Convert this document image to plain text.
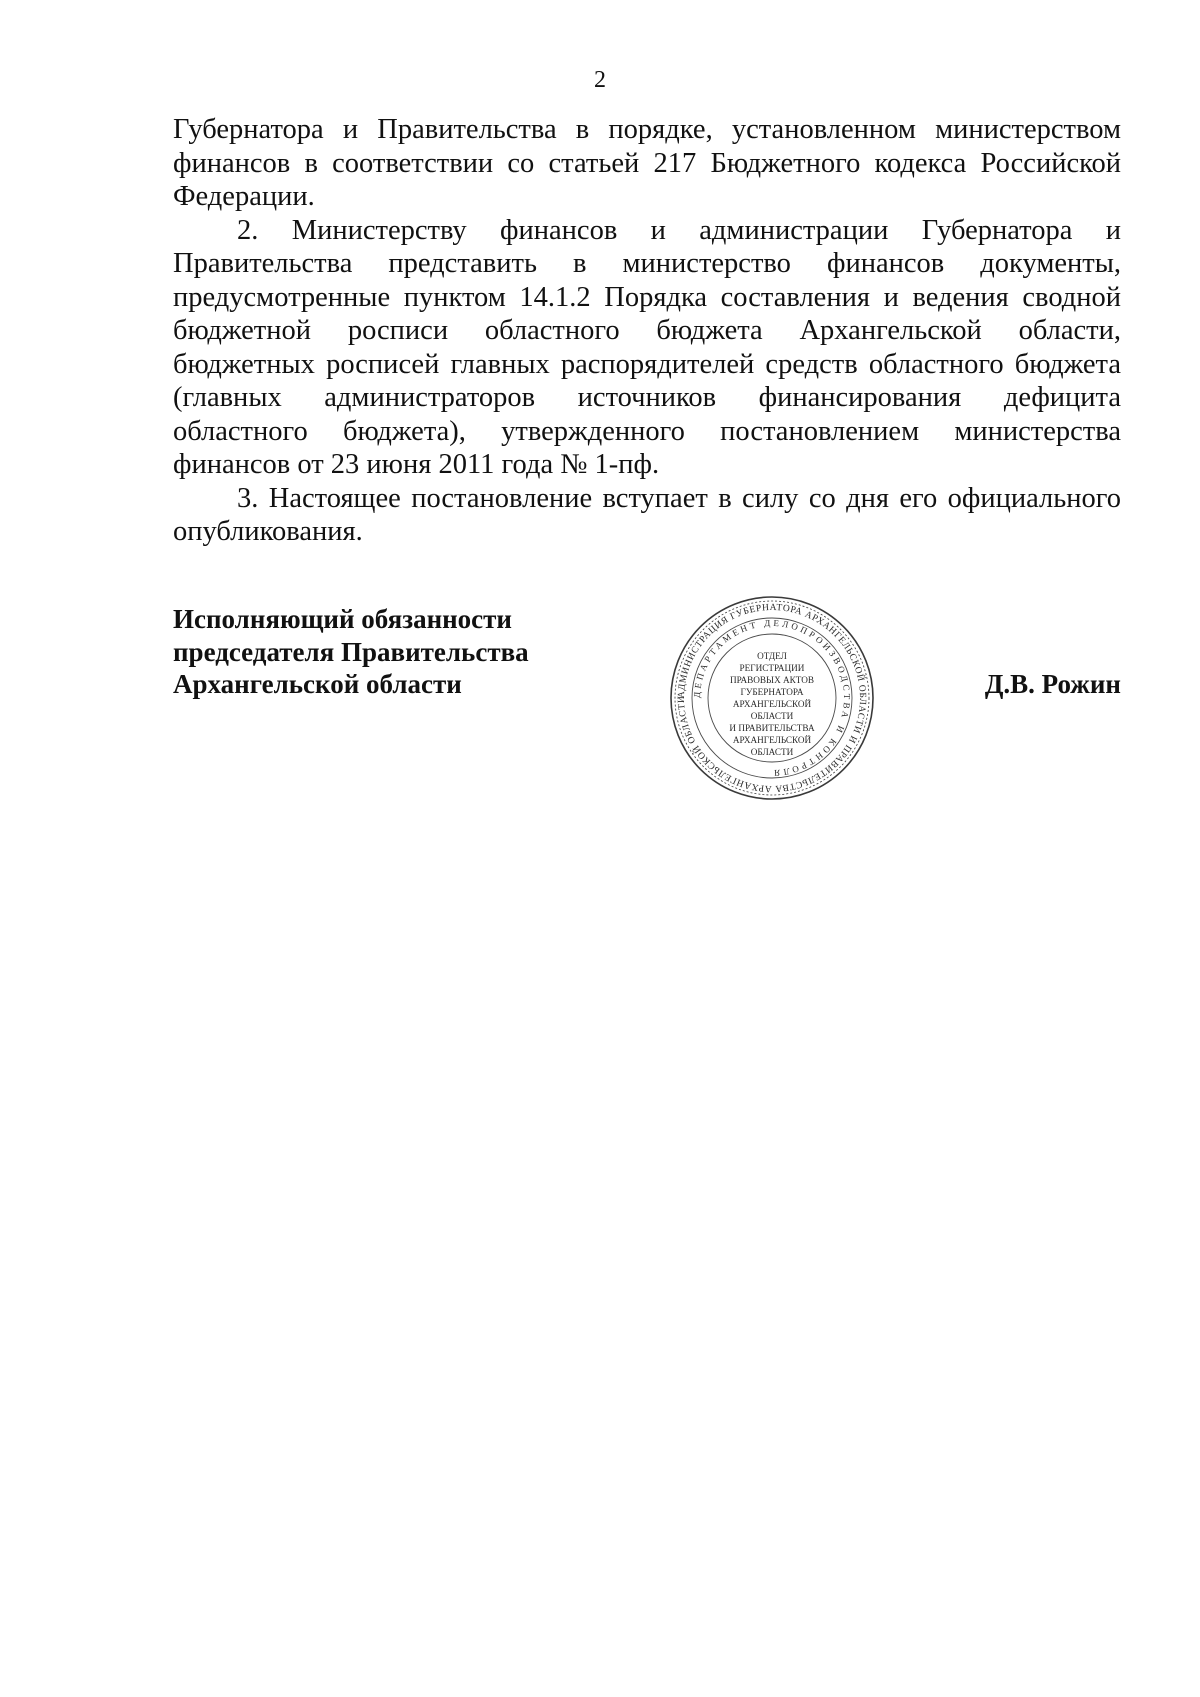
2

Губернатора и Правительства в порядке, установленном министерством финансов в соответствии со статьей 217 Бюджетного кодекса Российской Федерации.

2. Министерству финансов и администрации Губернатора и Правительства представить в министерство финансов документы, предусмотренные пунктом 14.1.2 Порядка составления и ведения сводной бюджетной росписи областного бюджета Архангельской области, бюджетных росписей главных распорядителей средств областного бюджета (главных администраторов источников финансирования дефицита областного бюджета), утвержденного постановлением министерства финансов от 23 июня 2011 года № 1-пф.

3. Настоящее постановление вступает в силу со дня его официального опубликования.

Исполняющий обязанности
председателя Правительства
Архангельской области	АДМИНИСТРАЦИЯ ГУБЕРНАТОРА АРХАНГЕЛЬСКОЙ ОБЛАСТИ И ПРАВИТЕЛЬСТВА АРХАНГЕЛЬСКОЙ ОБЛАСТИ
ДЕПАРТАМЕНТ ДЕЛОПРОИЗВОДСТВА И КОНТРОЛЯ
ОТДЕЛ
РЕГИСТРАЦИИ
ПРАВОВЫХ АКТОВ
ГУБЕРНАТОРА
АРХАНГЕЛЬСКОЙ
ОБЛАСТИ
И ПРАВИТЕЛЬСТВА
АРХАНГЕЛЬСКОЙ
ОБЛАСТИ
Д.В. Рожин
